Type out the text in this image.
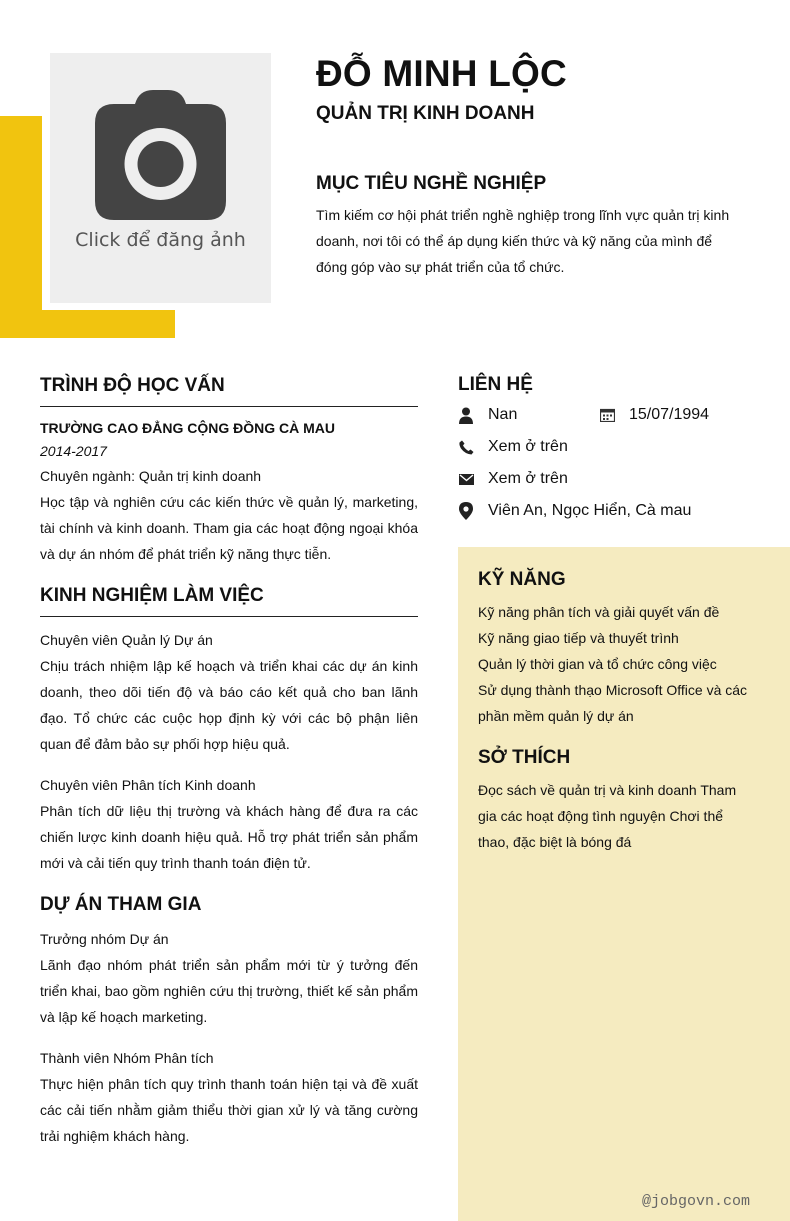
Click để đăng ảnh
ĐỖ MINH LỘC
QUẢN TRỊ KINH DOANH
MỤC TIÊU NGHỀ NGHIỆP
Tìm kiếm cơ hội phát triển nghề nghiệp trong lĩnh vực quản trị kinh doanh, nơi tôi có thể áp dụng kiến thức và kỹ năng của mình để đóng góp vào sự phát triển của tổ chức.
TRÌNH ĐỘ HỌC VẤN
TRƯỜNG CAO ĐẲNG CỘNG ĐỒNG CÀ MAU
2014-2017
Chuyên ngành: Quản trị kinh doanh
Học tập và nghiên cứu các kiến thức về quản lý, marketing, tài chính và kinh doanh. Tham gia các hoạt động ngoại khóa và dự án nhóm để phát triển kỹ năng thực tiễn.
KINH NGHIỆM LÀM VIỆC
Chuyên viên Quản lý Dự án
Chịu trách nhiệm lập kế hoạch và triển khai các dự án kinh doanh, theo dõi tiến độ và báo cáo kết quả cho ban lãnh đạo. Tổ chức các cuộc họp định kỳ với các bộ phận liên quan để đảm bảo sự phối hợp hiệu quả.
Chuyên viên Phân tích Kinh doanh
Phân tích dữ liệu thị trường và khách hàng để đưa ra các chiến lược kinh doanh hiệu quả. Hỗ trợ phát triển sản phẩm mới và cải tiến quy trình thanh toán điện tử.
DỰ ÁN THAM GIA
Trưởng nhóm Dự án
Lãnh đạo nhóm phát triển sản phẩm mới từ ý tưởng đến triển khai, bao gồm nghiên cứu thị trường, thiết kế sản phẩm và lập kế hoạch marketing.
Thành viên Nhóm Phân tích
Thực hiện phân tích quy trình thanh toán hiện tại và đề xuất các cải tiến nhằm giảm thiểu thời gian xử lý và tăng cường trải nghiệm khách hàng.
LIÊN HỆ
Nan	15/07/1994
Xem ở trên
Xem ở trên
Viên An, Ngọc Hiển, Cà mau
KỸ NĂNG
Kỹ năng phân tích và giải quyết vấn đề
Kỹ năng giao tiếp và thuyết trình
Quản lý thời gian và tổ chức công việc
Sử dụng thành thạo Microsoft Office và các phần mềm quản lý dự án
SỞ THÍCH
Đọc sách về quản trị và kinh doanh Tham gia các hoạt động tình nguyện Chơi thể thao, đặc biệt là bóng đá
@jobgovn.com
